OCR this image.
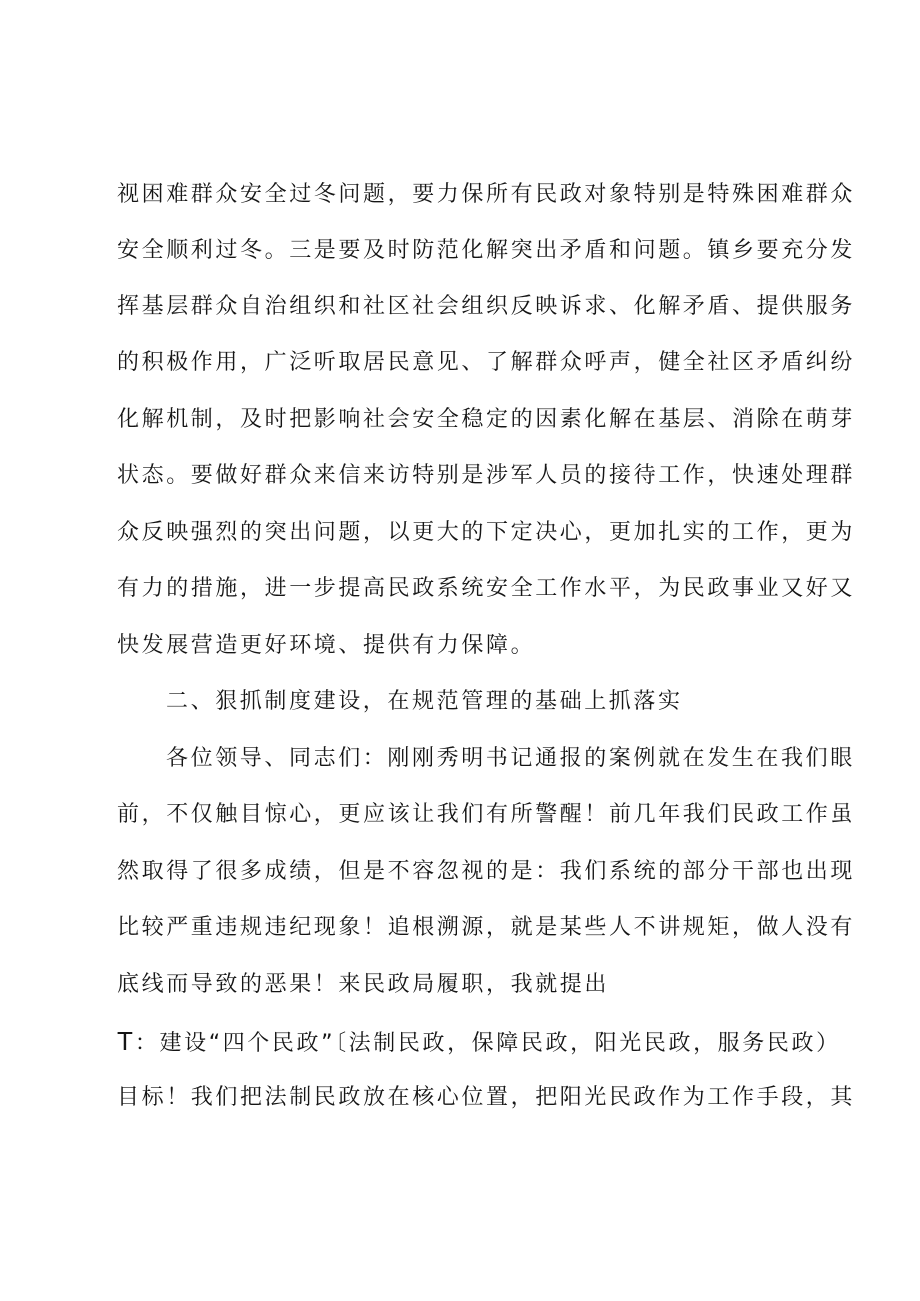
视困难群众安全过冬问题，要力保所有民政对象特别是特殊困难群众
安全顺利过冬。三是要及时防范化解突出矛盾和问题。镇乡要充分发
挥基层群众自治组织和社区社会组织反映诉求、化解矛盾、提供服务
的积极作用，广泛听取居民意见、了解群众呼声，健全社区矛盾纠纷
化解机制，及时把影响社会安全稳定的因素化解在基层、消除在萌芽
状态。要做好群众来信来访特别是涉军人员的接待工作，快速处理群
众反映强烈的突出问题，以更大的下定决心，更加扎实的工作，更为
有力的措施，进一步提高民政系统安全工作水平，为民政事业又好又
快发展营造更好环境、提供有力保障。
二、狠抓制度建设，在规范管理的基础上抓落实
各位领导、同志们：刚刚秀明书记通报的案例就在发生在我们眼
前，不仅触目惊心，更应该让我们有所警醒！前几年我们民政工作虽
然取得了很多成绩，但是不容忽视的是：我们系统的部分干部也出现
比较严重违规违纪现象！追根溯源，就是某些人不讲规矩，做人没有
底线而导致的恶果！来民政局履职，我就提出
T：建设“四个民政”〔法制民政，保障民政，阳光民政，服务民政）
目标！我们把法制民政放在核心位置，把阳光民政作为工作手段，其
